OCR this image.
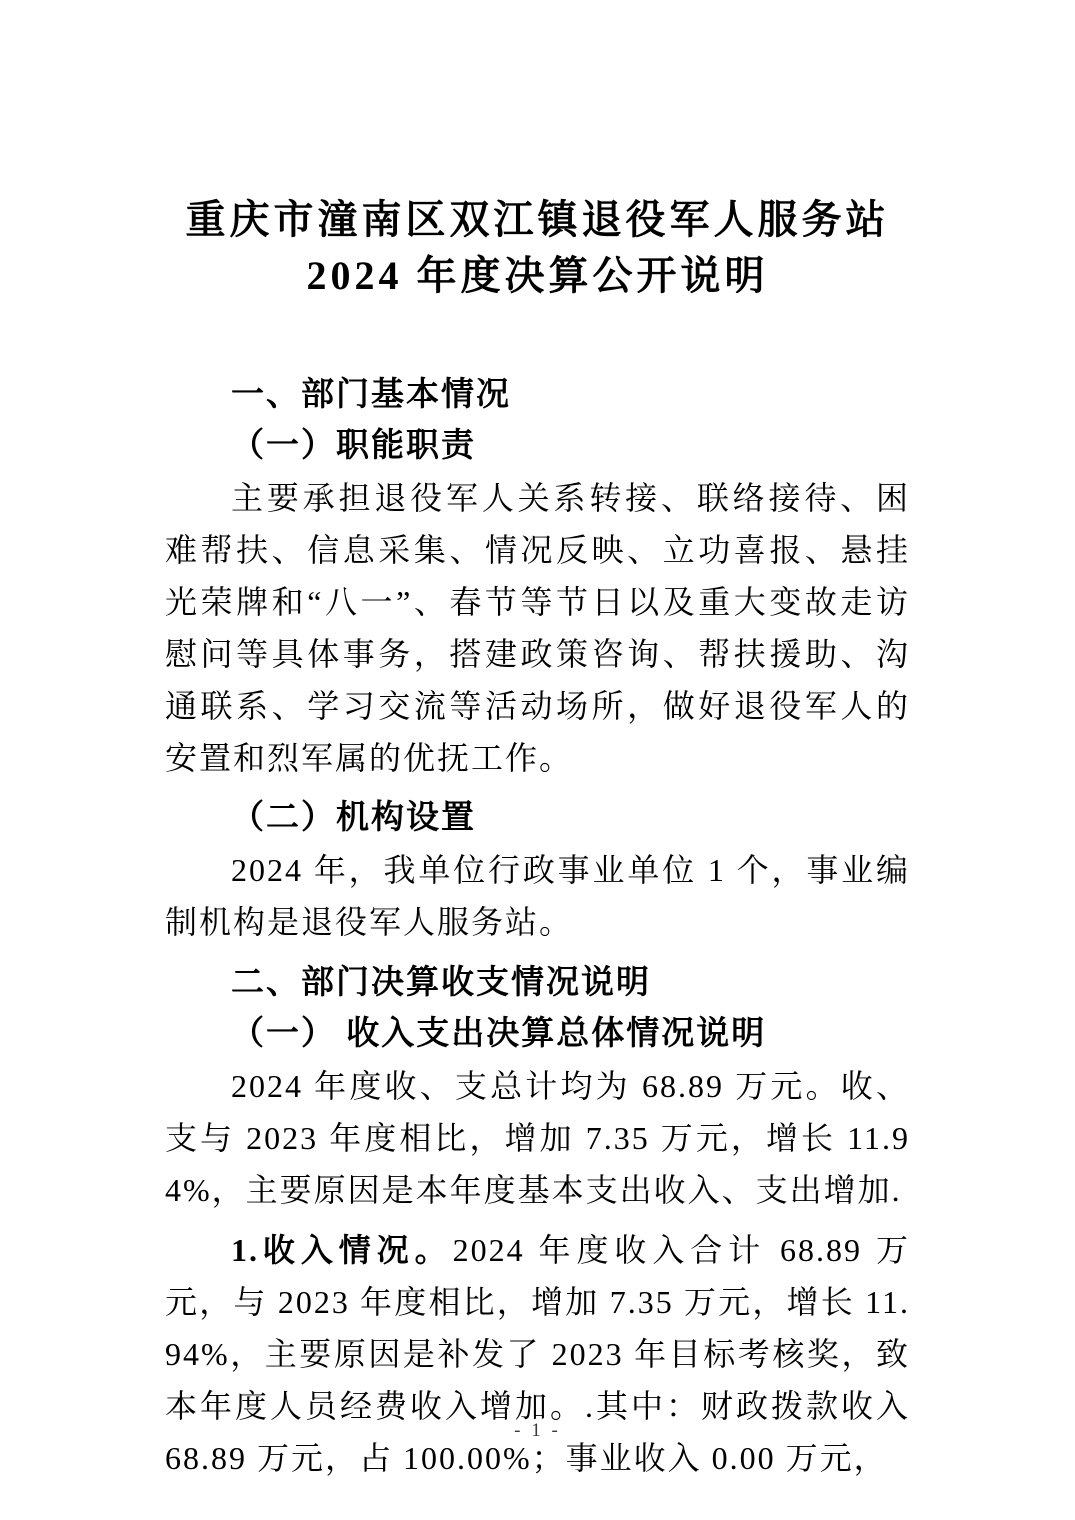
重庆市潼南区双江镇退役军人服务站
2024 年度决算公开说明
一、部门基本情况
（一）职能职责

主要承担退役军人关系转接、联络接待、困难帮扶、信息采集、情况反映、立功喜报、悬挂光荣牌和“八一”、春节等节日以及重大变故走访慰问等具体事务，搭建政策咨询、帮扶援助、沟通联系、学习交流等活动场所，做好退役军人的安置和烈军属的优抚工作。

（二）机构设置

2024 年，我单位行政事业单位 1 个，事业编制机构是退役军人服务站。

二、部门决算收支情况说明
（一） 收入支出决算总体情况说明

2024 年度收、支总计均为 68.89 万元。收、支与 2023 年度相比，增加 7.35 万元，增长 11.94%，主要原因是本年度基本支出收入、支出增加.

1.收入情况。2024 年度收入合计 68.89 万元，与 2023 年度相比，增加 7.35 万元，增长 11.94%，主要原因是补发了 2023 年目标考核奖，致本年度人员经费收入增加。.其中：财政拨款收入 68.89 万元，占 100.00%；事业收入 0.00 万元，

- 1 -
